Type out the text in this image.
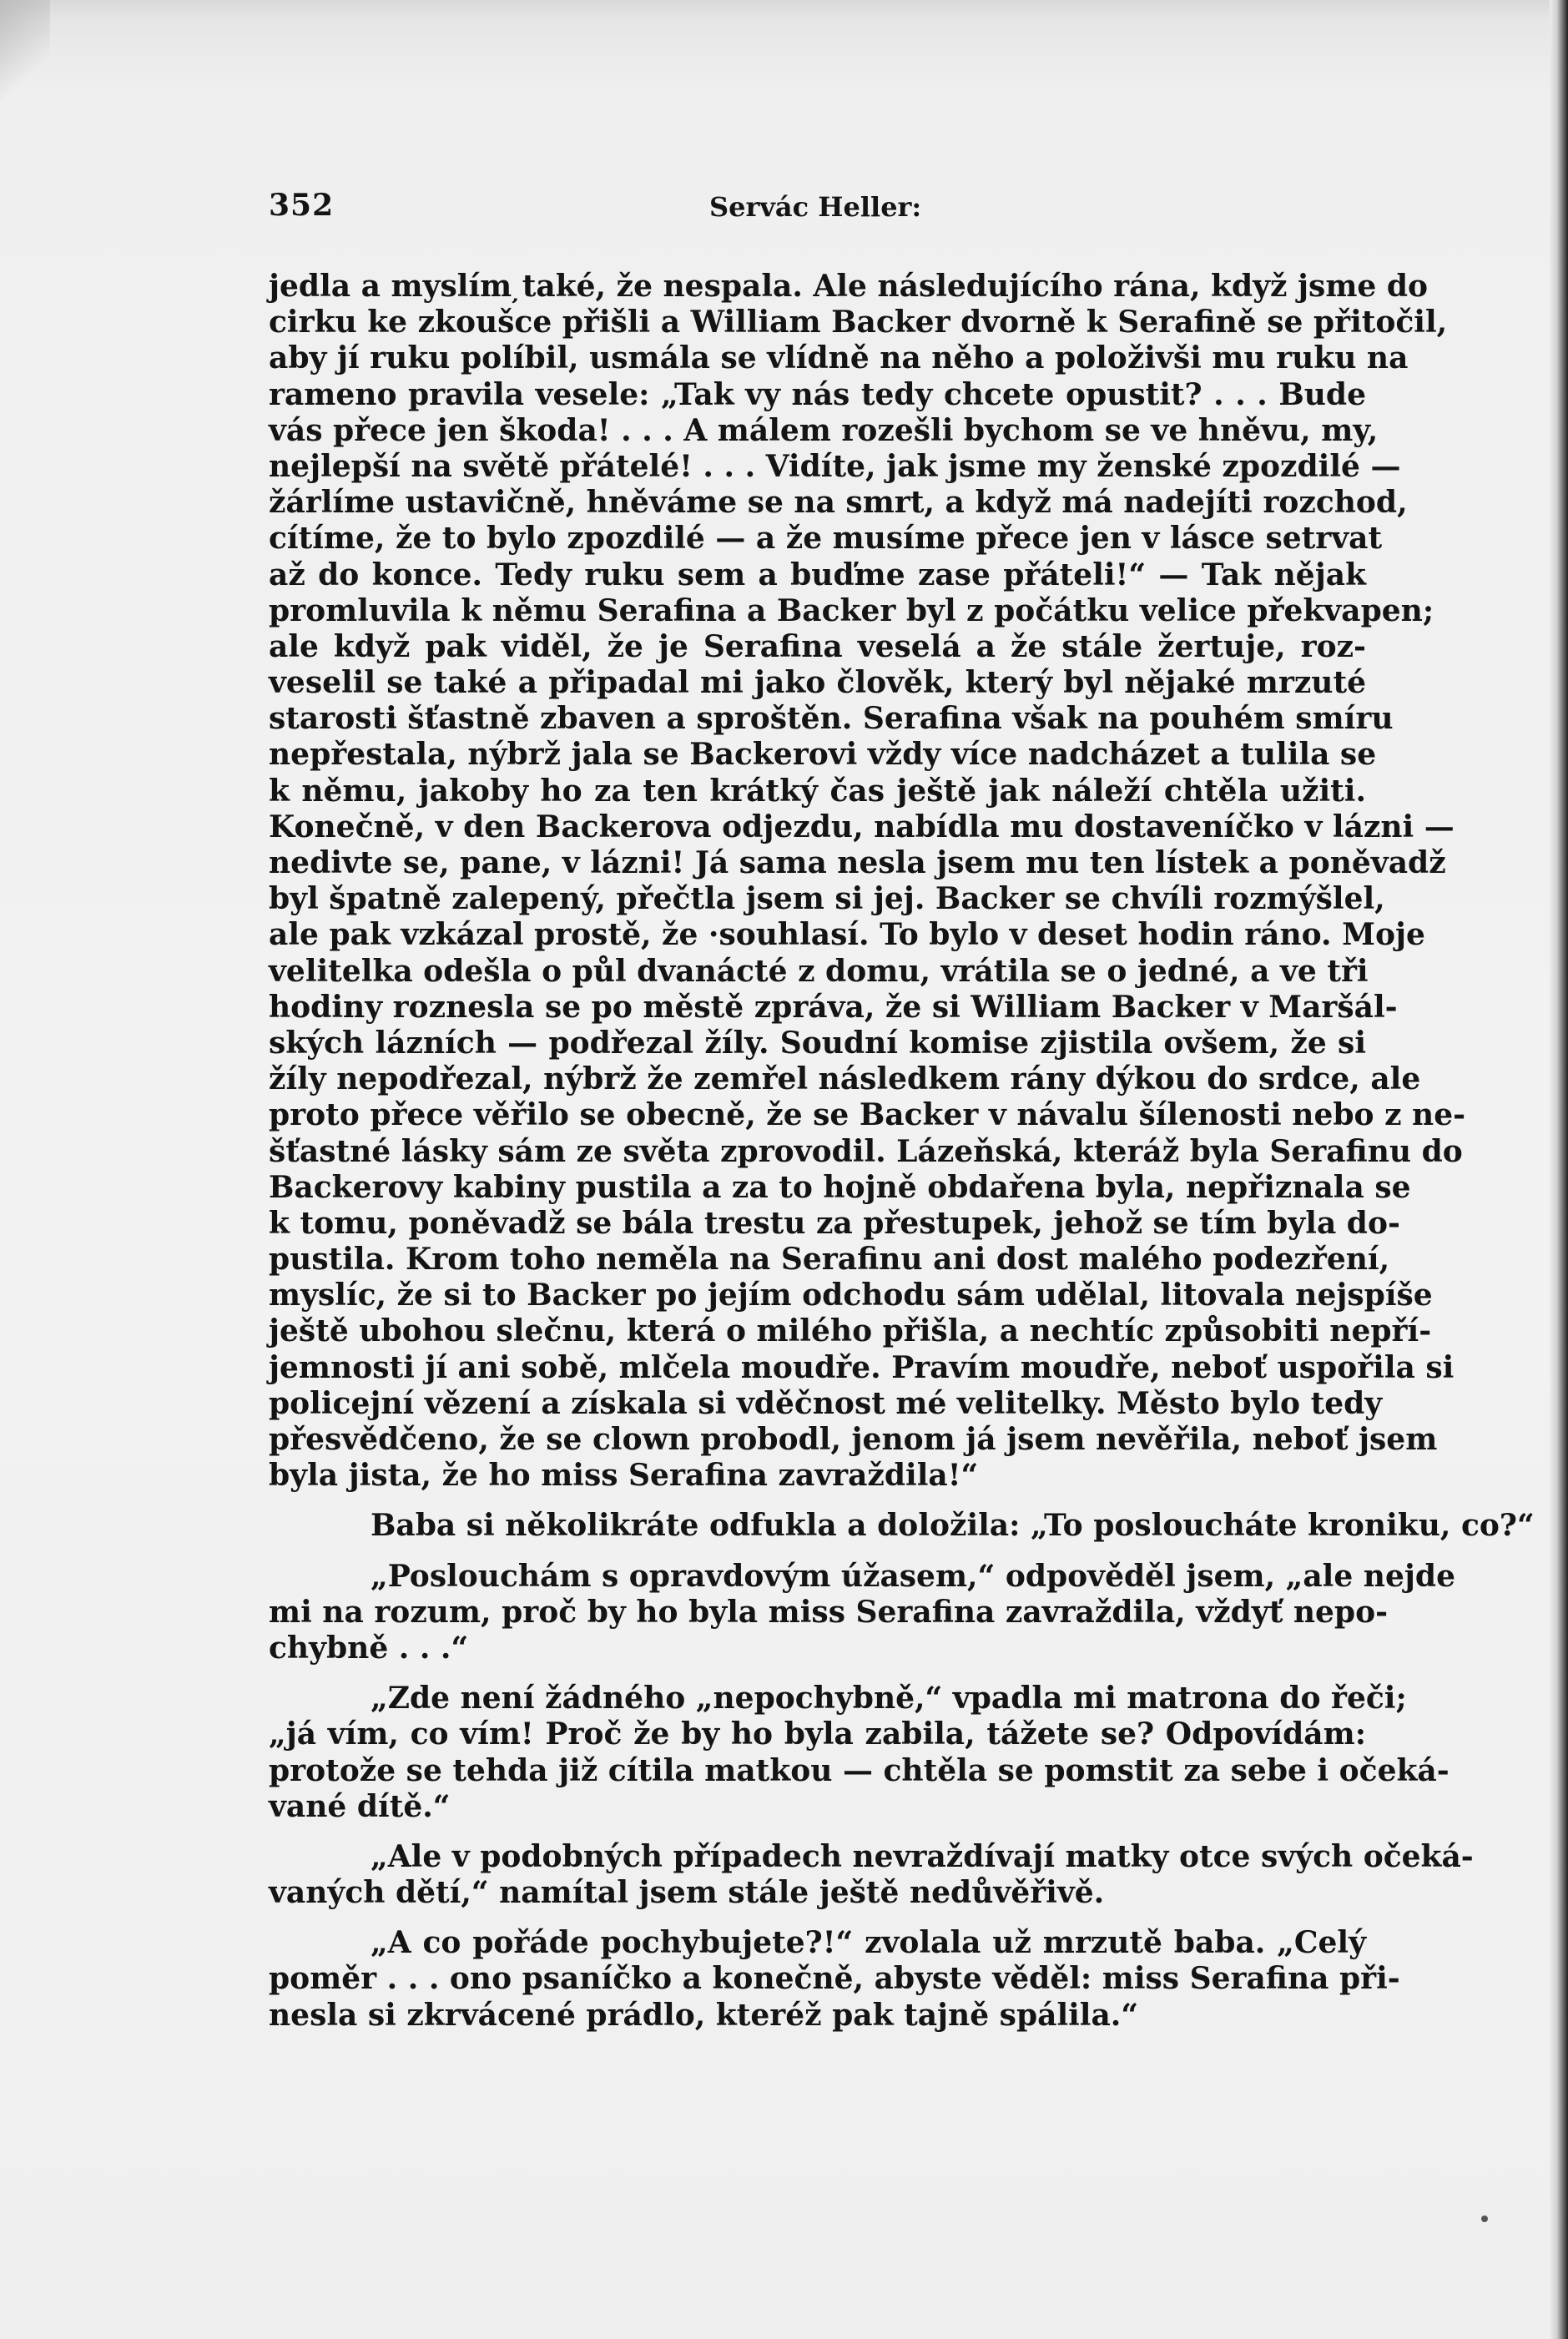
352	Servác Heller:
jedla a myslím ̦také, že nespala. Ale následujícího rána, když jsme do
cirku ke zkoušce přišli a William Backer dvorně k Serafině se přitočil,
aby jí ruku políbil, usmála se vlídně na něho a položivši mu ruku na
rameno pravila vesele: „Tak vy nás tedy chcete opustit? . . . Bude
vás přece jen škoda! . . . A málem rozešli bychom se ve hněvu, my,
nejlepší na světě přátelé! . . . Vidíte, jak jsme my ženské zpozdilé —
žárlíme ustavičně, hněváme se na smrt, a když má nadejíti rozchod,
cítíme, že to bylo zpozdilé — a že musíme přece jen v lásce setrvat
až do konce. Tedy ruku sem a buďme zase přáteli!“ — Tak nějak
promluvila k němu Serafina a Backer byl z počátku velice překvapen;
ale když pak viděl, že je Serafina veselá a že stále žertuje, roz-
veselil se také a připadal mi jako člověk, který byl nějaké mrzuté
starosti šťastně zbaven a sproštěn. Serafina však na pouhém smíru
nepřestala, nýbrž jala se Backerovi vždy více nadcházet a tulila se
k němu, jakoby ho za ten krátký čas ještě jak náleží chtěla užiti.
Konečně, v den Backerova odjezdu, nabídla mu dostaveníčko v lázni —
nedivte se, pane, v lázni! Já sama nesla jsem mu ten lístek a poněvadž
byl špatně zalepený, přečtla jsem si jej. Backer se chvíli rozmýšlel,
ale pak vzkázal prostě, že ·souhlasí. To bylo v deset hodin ráno. Moje
velitelka odešla o půl dvanácté z domu, vrátila se o jedné, a ve tři
hodiny roznesla se po městě zpráva, že si William Backer v Maršál-
ských lázních — podřezal žíly. Soudní komise zjistila ovšem, že si
žíly nepodřezal, nýbrž že zemřel následkem rány dýkou do srdce, ale
proto přece věřilo se obecně, že se Backer v návalu šílenosti nebo z ne-
šťastné lásky sám ze světa zprovodil. Lázeňská, kteráž byla Serafinu do
Backerovy kabiny pustila a za to hojně obdařena byla, nepřiznala se
k tomu, poněvadž se bála trestu za přestupek, jehož se tím byla do-
pustila. Krom toho neměla na Serafinu ani dost malého podezření,
myslíc, že si to Backer po jejím odchodu sám udělal, litovala nejspíše
ještě ubohou slečnu, která o milého přišla, a nechtíc způsobiti nepří-
jemnosti jí ani sobě, mlčela moudře. Pravím moudře, neboť uspořila si
policejní vězení a získala si vděčnost mé velitelky. Město bylo tedy
přesvědčeno, že se clown probodl, jenom já jsem nevěřila, neboť jsem
byla jista, že ho miss Serafina zavraždila!“
Baba si několikráte odfukla a doložila: „To posloucháte kroniku, co?“
„Poslouchám s opravdovým úžasem,“ odpověděl jsem, „ale nejde
mi na rozum, proč by ho byla miss Serafina zavraždila, vždyť nepo-
chybně . . .“
„Zde není žádného „nepochybně,“ vpadla mi matrona do řeči;
„já vím, co vím! Proč že by ho byla zabila, tážete se? Odpovídám:
protože se tehda již cítila matkou — chtěla se pomstit za sebe i očeká-
vané dítě.“
„Ale v podobných případech nevraždívají matky otce svých očeká-
vaných dětí,“ namítal jsem stále ještě nedůvěřivě.
„A co pořáde pochybujete?!“ zvolala už mrzutě baba. „Celý
poměr . . . ono psaníčko a konečně, abyste věděl: miss Serafina při-
nesla si zkrvácené prádlo, kteréž pak tajně spálila.“
